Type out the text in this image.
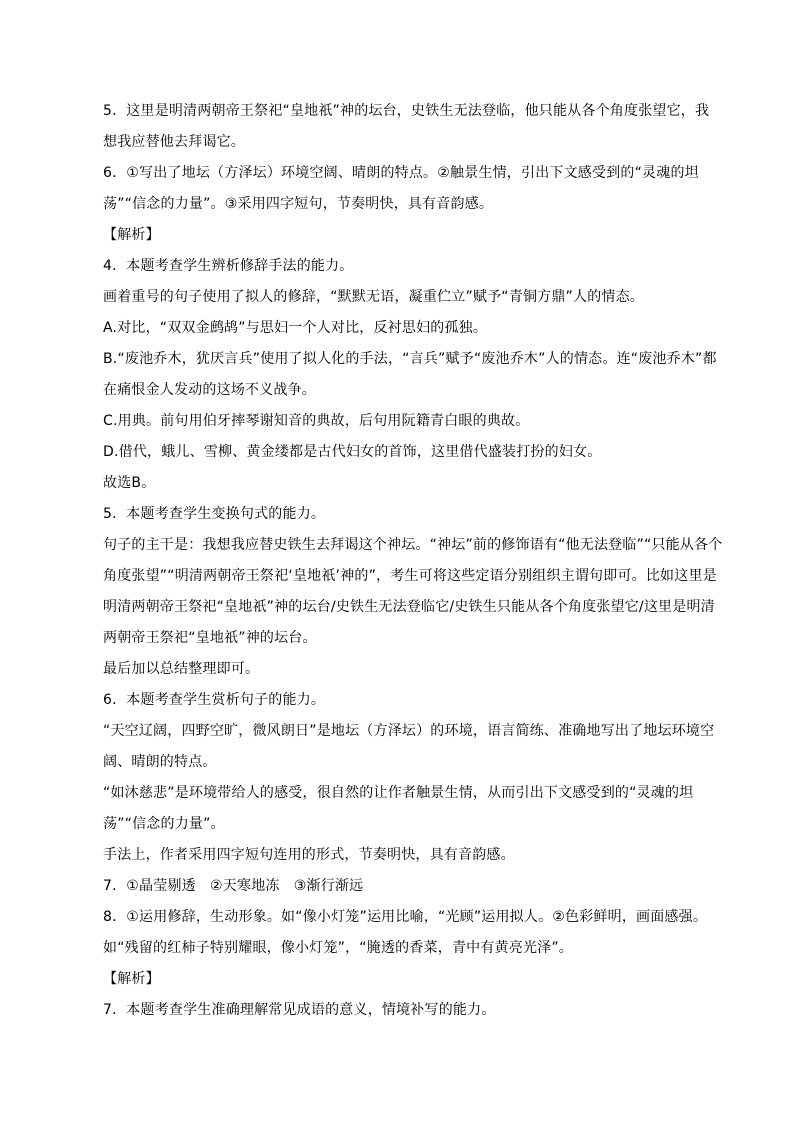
5．这里是明清两朝帝王祭祀“皇地祇”神的坛台，史铁生无法登临，他只能从各个角度张望它，我想我应替他去拜谒它。

6．①写出了地坛（方泽坛）环境空阔、晴朗的特点。②触景生情，引出下文感受到的“灵魂的坦荡”“信念的力量”。③采用四字短句，节奏明快，具有音韵感。

【解析】

4．本题考查学生辨析修辞手法的能力。

画着重号的句子使用了拟人的修辞，“默默无语，凝重伫立”赋予“青铜方鼎”人的情态。

A.对比，“双双金鹧鸪”与思妇一个人对比，反衬思妇的孤独。

B.“废池乔木，犹厌言兵”使用了拟人化的手法，“言兵”赋予“废池乔木”人的情态。连“废池乔木”都在痛恨金人发动的这场不义战争。

C.用典。前句用伯牙摔琴谢知音的典故，后句用阮籍青白眼的典故。

D.借代，蛾儿、雪柳、黄金缕都是古代妇女的首饰，这里借代盛装打扮的妇女。

故选B。

5．本题考查学生变换句式的能力。

句子的主干是：我想我应替史铁生去拜谒这个神坛。“神坛”前的修饰语有“他无法登临”“只能从各个角度张望”“明清两朝帝王祭祀‘皇地祇’神的”，考生可将这些定语分别组织主谓句即可。比如这里是明清两朝帝王祭祀“皇地祇”神的坛台/史铁生无法登临它/史铁生只能从各个角度张望它/这里是明清两朝帝王祭祀“皇地祇”神的坛台。

最后加以总结整理即可。

6．本题考查学生赏析句子的能力。

“天空辽阔，四野空旷，微风朗日”是地坛（方泽坛）的环境，语言简练、准确地写出了地坛环境空阔、晴朗的特点。

“如沐慈悲”是环境带给人的感受，很自然的让作者触景生情，从而引出下文感受到的“灵魂的坦荡”“信念的力量”。

手法上，作者采用四字短句连用的形式，节奏明快，具有音韵感。

7．①晶莹剔透　②天寒地冻　③渐行渐远

8．①运用修辞，生动形象。如“像小灯笼”运用比喻，“光顾”运用拟人。②色彩鲜明，画面感强。如“残留的红柿子特别耀眼，像小灯笼”，“腌透的香菜，青中有黄亮光泽”。

【解析】

7．本题考查学生准确理解常见成语的意义，情境补写的能力。
